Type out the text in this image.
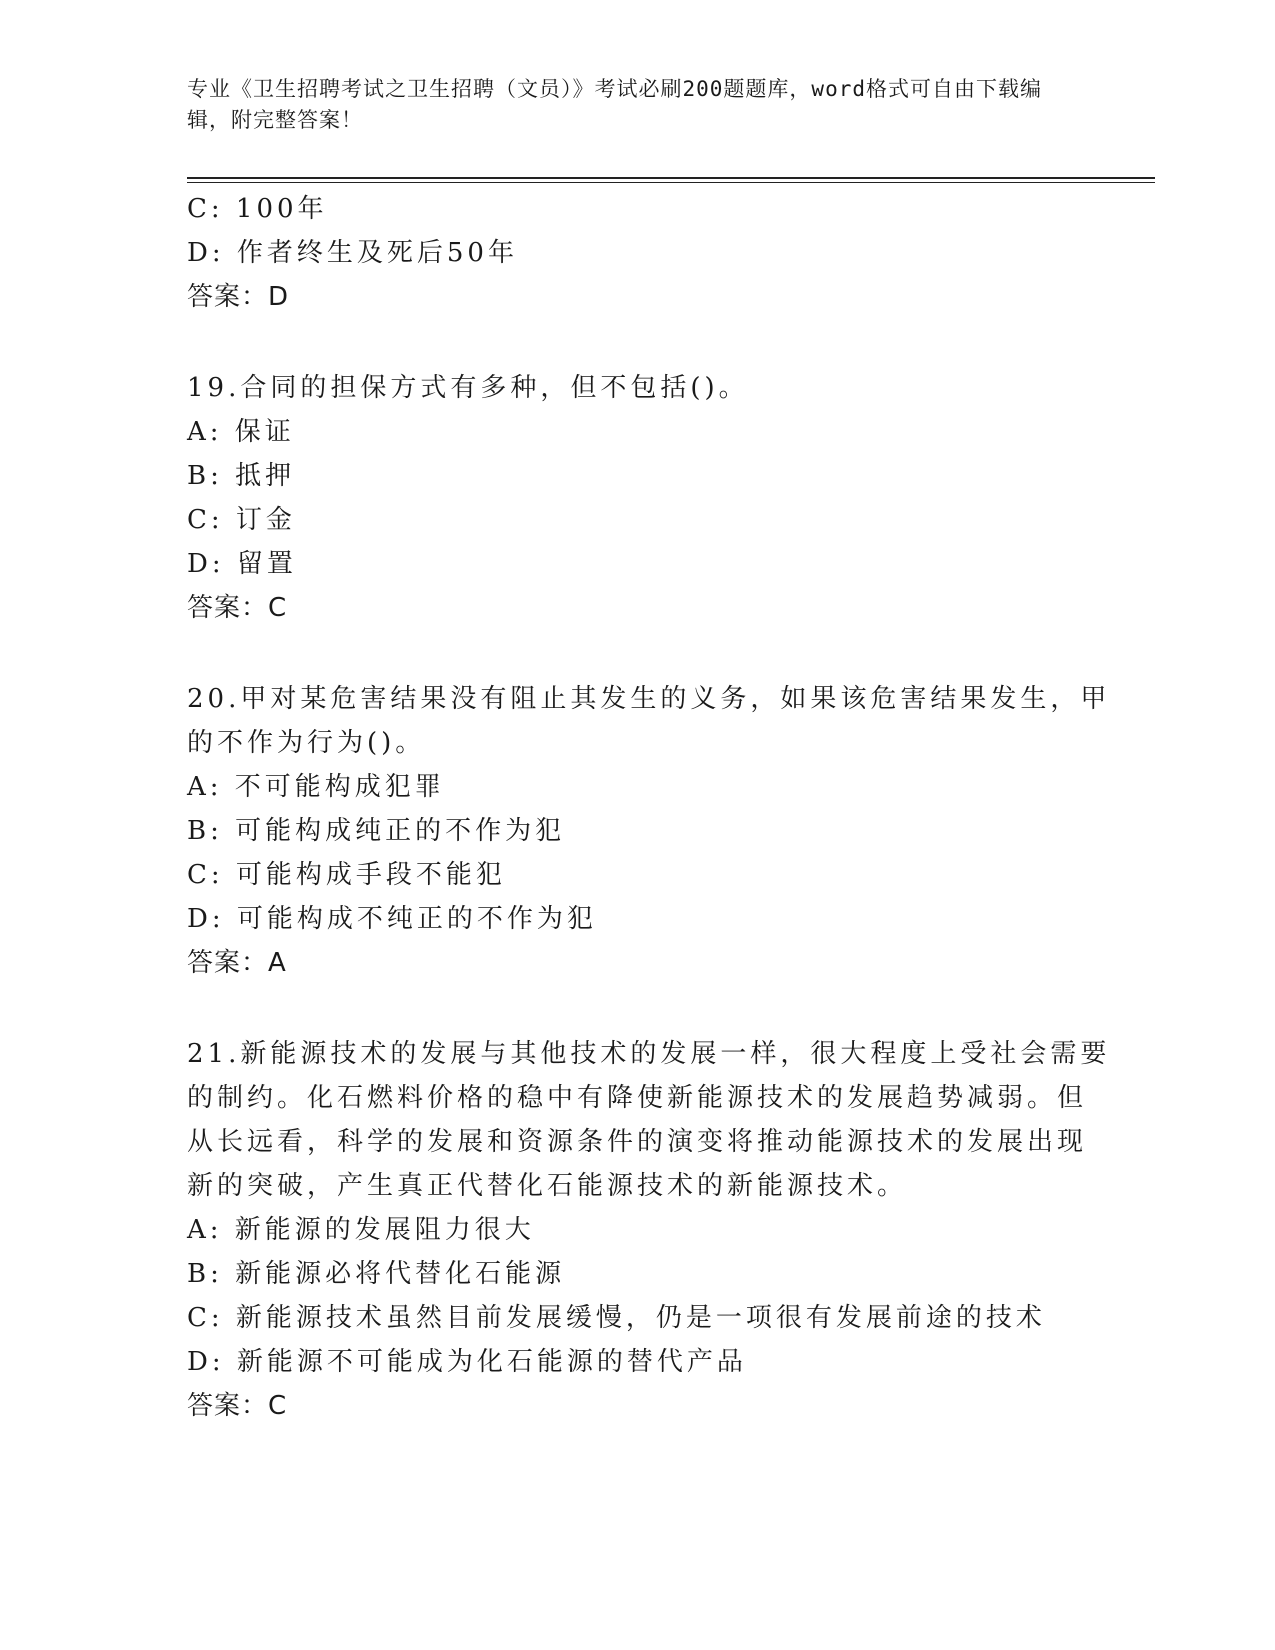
专业《卫生招聘考试之卫生招聘（文员）》考试必刷200题题库，word格式可自由下载编辑，附完整答案！
C: 100年
D: 作者终生及死后50年
答案：D
19.合同的担保方式有多种，但不包括()。
A: 保证
B: 抵押
C: 订金
D: 留置
答案：C
20.甲对某危害结果没有阻止其发生的义务，如果该危害结果发生，甲
的不作为行为()。
A: 不可能构成犯罪
B: 可能构成纯正的不作为犯
C: 可能构成手段不能犯
D: 可能构成不纯正的不作为犯
答案：A
21.新能源技术的发展与其他技术的发展一样，很大程度上受社会需要
的制约。化石燃料价格的稳中有降使新能源技术的发展趋势减弱。但
从长远看，科学的发展和资源条件的演变将推动能源技术的发展出现
新的突破，产生真正代替化石能源技术的新能源技术。
A: 新能源的发展阻力很大
B: 新能源必将代替化石能源
C: 新能源技术虽然目前发展缓慢，仍是一项很有发展前途的技术
D: 新能源不可能成为化石能源的替代产品
答案：C
